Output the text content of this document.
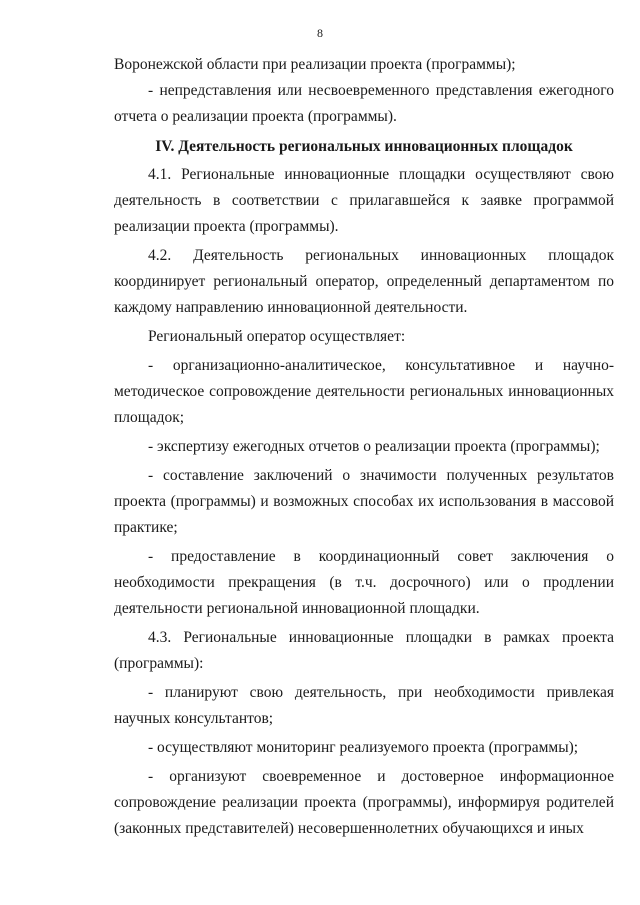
8

Воронежской области при реализации проекта (программы);

- непредставления или несвоевременного представления ежегодного отчета о реализации проекта (программы).

IV. Деятельность региональных инновационных площадок

4.1. Региональные инновационные площадки осуществляют свою деятельность в соответствии с прилагавшейся к заявке программой реализации проекта (программы).

4.2. Деятельность региональных инновационных площадок координирует региональный оператор, определенный департаментом по каждому направлению инновационной деятельности.

Региональный оператор осуществляет:

- организационно-аналитическое, консультативное и научно-методическое сопровождение деятельности региональных инновационных площадок;

- экспертизу ежегодных отчетов о реализации проекта (программы);

- составление заключений о значимости полученных результатов проекта (программы) и возможных способах их использования в массовой практике;

- предоставление в координационный совет заключения о необходимости прекращения (в т.ч. досрочного) или о продлении деятельности региональной инновационной площадки.

4.3. Региональные инновационные площадки в рамках проекта (программы):

- планируют свою деятельность, при необходимости привлекая научных консультантов;

- осуществляют мониторинг реализуемого проекта (программы);

- организуют своевременное и достоверное информационное сопровождение реализации проекта (программы), информируя родителей (законных представителей) несовершеннолетних обучающихся и иных
